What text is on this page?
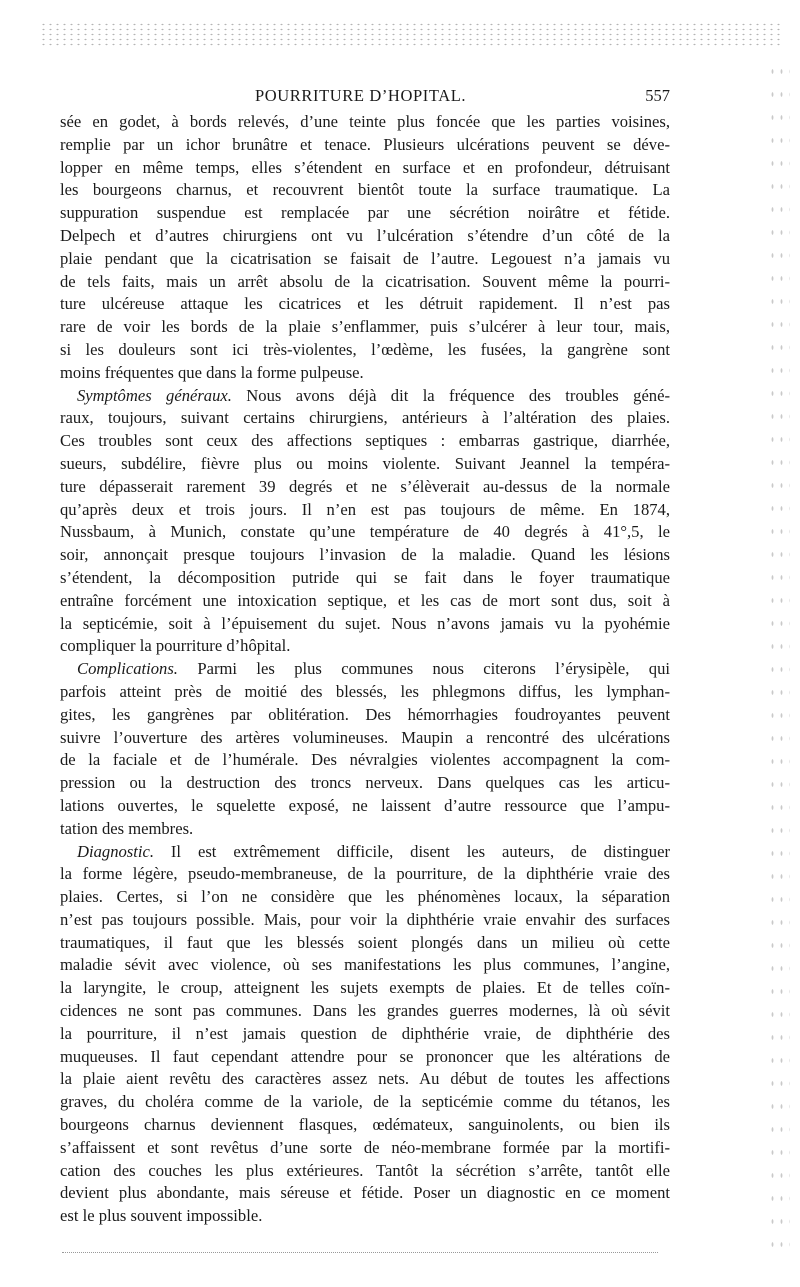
POURRITURE D’HOPITAL.	557
sée en godet, à bords relevés, d’une teinte plus foncée que les parties voisines,
remplie par un ichor brunâtre et tenace. Plusieurs ulcérations peuvent se déve-
lopper en même temps, elles s’étendent en surface et en profondeur, détruisant
les bourgeons charnus, et recouvrent bientôt toute la surface traumatique. La
suppuration suspendue est remplacée par une sécrétion noirâtre et fétide.
Delpech et d’autres chirurgiens ont vu l’ulcération s’étendre d’un côté de la
plaie pendant que la cicatrisation se faisait de l’autre. Legouest n’a jamais vu
de tels faits, mais un arrêt absolu de la cicatrisation. Souvent même la pourri-
ture ulcéreuse attaque les cicatrices et les détruit rapidement. Il n’est pas
rare de voir les bords de la plaie s’enflammer, puis s’ulcérer à leur tour, mais,
si les douleurs sont ici très-violentes, l’œdème, les fusées, la gangrène sont
moins fréquentes que dans la forme pulpeuse.
Symptômes généraux. Nous avons déjà dit la fréquence des troubles géné-
raux, toujours, suivant certains chirurgiens, antérieurs à l’altération des plaies.
Ces troubles sont ceux des affections septiques : embarras gastrique, diarrhée,
sueurs, subdélire, fièvre plus ou moins violente. Suivant Jeannel la tempéra-
ture dépasserait rarement 39 degrés et ne s’élèverait au-dessus de la normale
qu’après deux et trois jours. Il n’en est pas toujours de même. En 1874,
Nussbaum, à Munich, constate qu’une température de 40 degrés à 41°,5, le
soir, annonçait presque toujours l’invasion de la maladie. Quand les lésions
s’étendent, la décomposition putride qui se fait dans le foyer traumatique
entraîne forcément une intoxication septique, et les cas de mort sont dus, soit à
la septicémie, soit à l’épuisement du sujet. Nous n’avons jamais vu la pyohémie
compliquer la pourriture d’hôpital.
Complications. Parmi les plus communes nous citerons l’érysipèle, qui
parfois atteint près de moitié des blessés, les phlegmons diffus, les lymphan-
gites, les gangrènes par oblitération. Des hémorrhagies foudroyantes peuvent
suivre l’ouverture des artères volumineuses. Maupin a rencontré des ulcérations
de la faciale et de l’humérale. Des névralgies violentes accompagnent la com-
pression ou la destruction des troncs nerveux. Dans quelques cas les articu-
lations ouvertes, le squelette exposé, ne laissent d’autre ressource que l’ampu-
tation des membres.
Diagnostic. Il est extrêmement difficile, disent les auteurs, de distinguer
la forme légère, pseudo-membraneuse, de la pourriture, de la diphthérie vraie des
plaies. Certes, si l’on ne considère que les phénomènes locaux, la séparation
n’est pas toujours possible. Mais, pour voir la diphthérie vraie envahir des surfaces
traumatiques, il faut que les blessés soient plongés dans un milieu où cette
maladie sévit avec violence, où ses manifestations les plus communes, l’angine,
la laryngite, le croup, atteignent les sujets exempts de plaies. Et de telles coïn-
cidences ne sont pas communes. Dans les grandes guerres modernes, là où sévit
la pourriture, il n’est jamais question de diphthérie vraie, de diphthérie des
muqueuses. Il faut cependant attendre pour se prononcer que les altérations de
la plaie aient revêtu des caractères assez nets. Au début de toutes les affections
graves, du choléra comme de la variole, de la septicémie comme du tétanos, les
bourgeons charnus deviennent flasques, œdémateux, sanguinolents, ou bien ils
s’affaissent et sont revêtus d’une sorte de néo-membrane formée par la mortifi-
cation des couches les plus extérieures. Tantôt la sécrétion s’arrête, tantôt elle
devient plus abondante, mais séreuse et fétide. Poser un diagnostic en ce moment
est le plus souvent impossible.
